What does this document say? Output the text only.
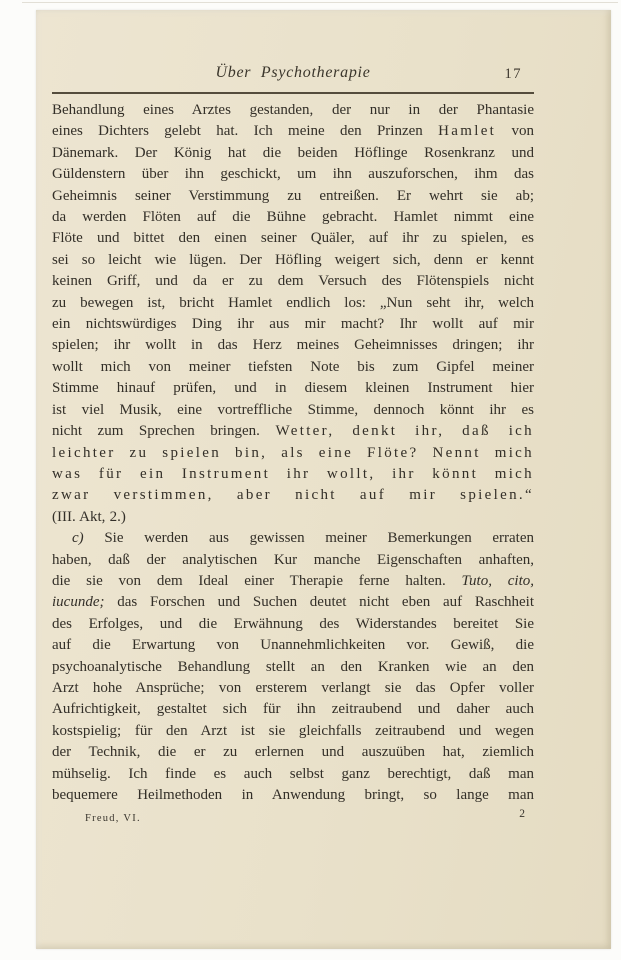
Über Psychotherapie	17
Behandlung eines Arztes gestanden, der nur in der Phantasie
eines Dichters gelebt hat. Ich meine den Prinzen Hamlet von
Dänemark. Der König hat die beiden Höflinge Rosenkranz und
Güldenstern über ihn geschickt, um ihn auszuforschen, ihm das
Geheimnis seiner Verstimmung zu entreißen. Er wehrt sie ab;
da werden Flöten auf die Bühne gebracht. Hamlet nimmt eine
Flöte und bittet den einen seiner Quäler, auf ihr zu spielen, es
sei so leicht wie lügen. Der Höfling weigert sich, denn er kennt
keinen Griff, und da er zu dem Versuch des Flötenspiels nicht
zu bewegen ist, bricht Hamlet endlich los: „Nun seht ihr, welch
ein nichtswürdiges Ding ihr aus mir macht? Ihr wollt auf mir
spielen; ihr wollt in das Herz meines Geheimnisses dringen; ihr
wollt mich von meiner tiefsten Note bis zum Gipfel meiner
Stimme hinauf prüfen, und in diesem kleinen Instrument hier
ist viel Musik, eine vortreffliche Stimme, dennoch könnt ihr es
nicht zum Sprechen bringen. Wetter, denkt ihr, daß ich
leichter zu spielen bin, als eine Flöte? Nennt mich
was für ein Instrument ihr wollt, ihr könnt mich
zwar verstimmen, aber nicht auf mir spielen.“
(III. Akt, 2.)
c) Sie werden aus gewissen meiner Bemerkungen erraten
haben, daß der analytischen Kur manche Eigenschaften anhaften,
die sie von dem Ideal einer Therapie ferne halten. Tuto, cito,
iucunde; das Forschen und Suchen deutet nicht eben auf Raschheit
des Erfolges, und die Erwähnung des Widerstandes bereitet Sie
auf die Erwartung von Unannehmlichkeiten vor. Gewiß, die
psychoanalytische Behandlung stellt an den Kranken wie an den
Arzt hohe Ansprüche; von ersterem verlangt sie das Opfer voller
Aufrichtigkeit, gestaltet sich für ihn zeitraubend und daher auch
kostspielig; für den Arzt ist sie gleichfalls zeitraubend und wegen
der Technik, die er zu erlernen und auszuüben hat, ziemlich
mühselig. Ich finde es auch selbst ganz berechtigt, daß man
bequemere Heilmethoden in Anwendung bringt, so lange man
Freud, VI.	2
